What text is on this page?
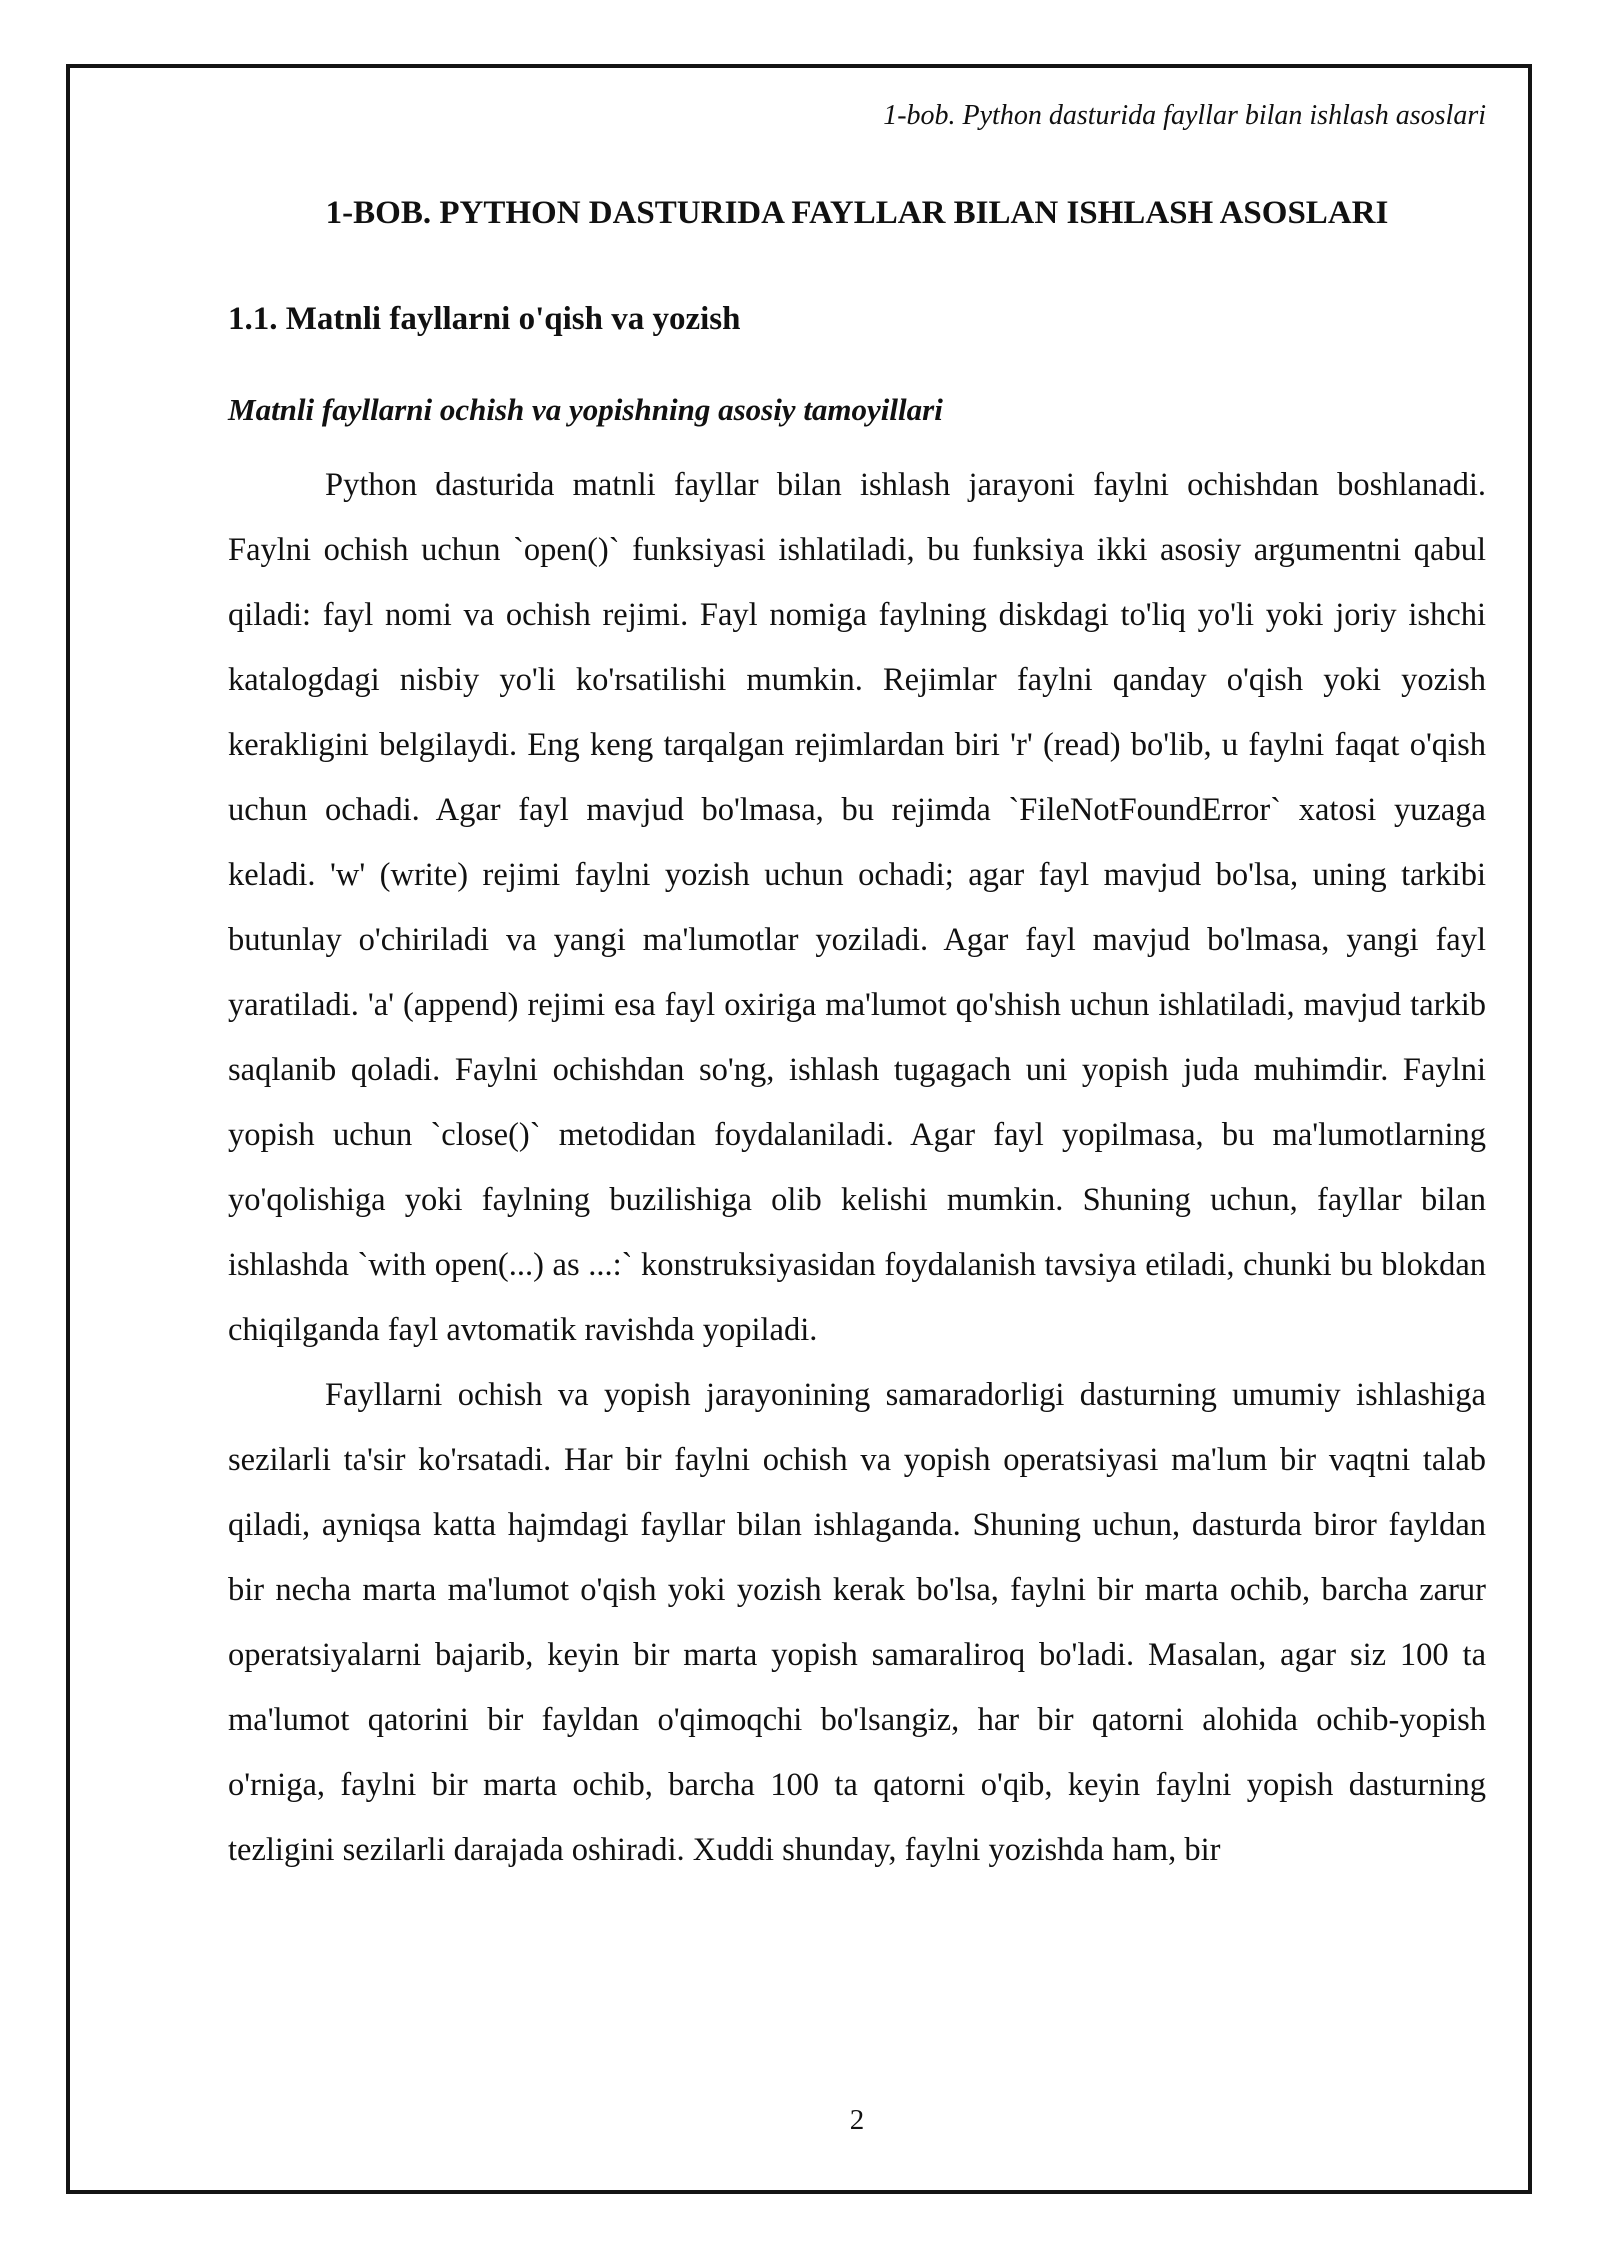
1-bob. Python dasturida fayllar bilan ishlash asoslari
1-BOB. PYTHON DASTURIDA FAYLLAR BILAN ISHLASH ASOSLARI
1.1. Matnli fayllarni o'qish va yozish
Matnli fayllarni ochish va yopishning asosiy tamoyillari

Python dasturida matnli fayllar bilan ishlash jarayoni faylni ochishdan boshlanadi. Faylni ochish uchun `open()` funksiyasi ishlatiladi, bu funksiya ikki asosiy argumentni qabul qiladi: fayl nomi va ochish rejimi. Fayl nomiga faylning diskdagi to'liq yo'li yoki joriy ishchi katalogdagi nisbiy yo'li ko'rsatilishi mumkin. Rejimlar faylni qanday o'qish yoki yozish kerakligini belgilaydi. Eng keng tarqalgan rejimlardan biri 'r' (read) bo'lib, u faylni faqat o'qish uchun ochadi. Agar fayl mavjud bo'lmasa, bu rejimda `FileNotFoundError` xatosi yuzaga keladi. 'w' (write) rejimi faylni yozish uchun ochadi; agar fayl mavjud bo'lsa, uning tarkibi butunlay o'chiriladi va yangi ma'lumotlar yoziladi. Agar fayl mavjud bo'lmasa, yangi fayl yaratiladi. 'a' (append) rejimi esa fayl oxiriga ma'lumot qo'shish uchun ishlatiladi, mavjud tarkib saqlanib qoladi. Faylni ochishdan so'ng, ishlash tugagach uni yopish juda muhimdir. Faylni yopish uchun `close()` metodidan foydalaniladi. Agar fayl yopilmasa, bu ma'lumotlarning yo'qolishiga yoki faylning buzilishiga olib kelishi mumkin. Shuning uchun, fayllar bilan ishlashda `with open(...) as ...:` konstruksiyasidan foydalanish tavsiya etiladi, chunki bu blokdan chiqilganda fayl avtomatik ravishda yopiladi.

Fayllarni ochish va yopish jarayonining samaradorligi dasturning umumiy ishlashiga sezilarli ta'sir ko'rsatadi. Har bir faylni ochish va yopish operatsiyasi ma'lum bir vaqtni talab qiladi, ayniqsa katta hajmdagi fayllar bilan ishlaganda. Shuning uchun, dasturda biror fayldan bir necha marta ma'lumot o'qish yoki yozish kerak bo'lsa, faylni bir marta ochib, barcha zarur operatsiyalarni bajarib, keyin bir marta yopish samaraliroq bo'ladi. Masalan, agar siz 100 ta ma'lumot qatorini bir fayldan o'qimoqchi bo'lsangiz, har bir qatorni alohida ochib-yopish o'rniga, faylni bir marta ochib, barcha 100 ta qatorni o'qib, keyin faylni yopish dasturning tezligini sezilarli darajada oshiradi. Xuddi shunday, faylni yozishda ham, bir

2
